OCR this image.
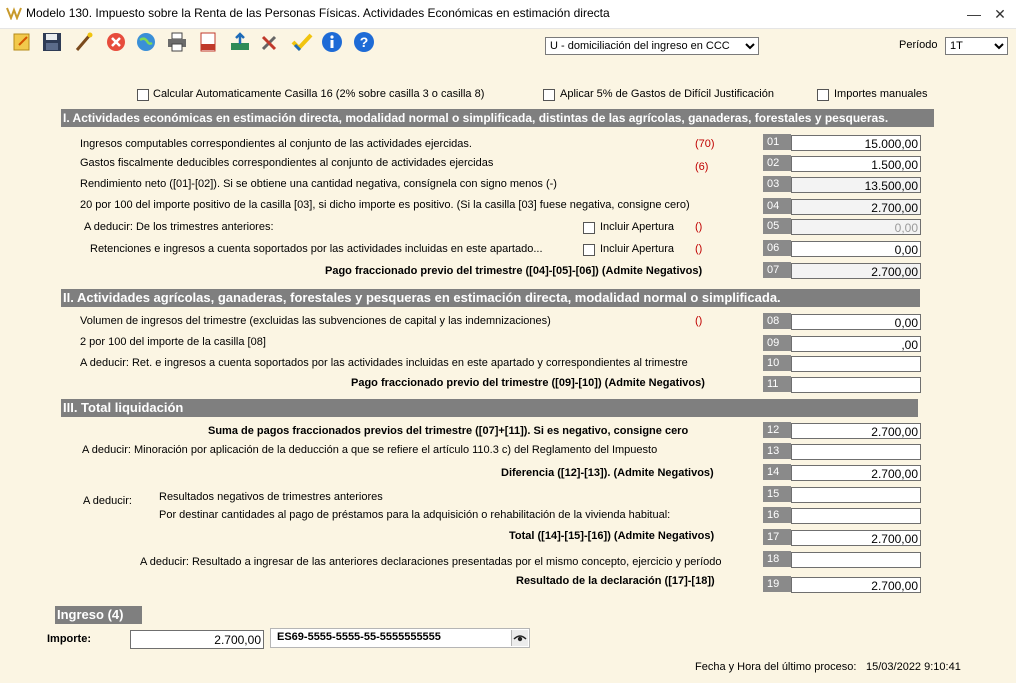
Modelo 130. Impuesto sobre la Renta de las Personas Físicas. Actividades Económicas en estimación directa	— ✕
?
U - domiciliación del ingreso en CCC	Período
1T
Calcular Automaticamente Casilla 16 (2% sobre casilla 3 o casilla 8)	Aplicar 5% de Gastos de Difícil Justificación	Importes manuales
I. Actividades económicas en estimación directa, modalidad normal o simplificada, distintas de las agrícolas, ganaderas, forestales y pesqueras.
Ingresos computables correspondientes al conjunto de las actividades ejercidas.	(70)	01	15.000,00
Gastos fiscalmente deducibles correspondientes al conjunto de actividades ejercidas	(6)	02	1.500,00
Rendimiento neto ([01]-[02]). Si se obtiene una cantidad negativa, consígnela con signo menos (-)	03	13.500,00
20 por 100 del importe positivo de la casilla [03], si dicho importe es positivo. (Si la casilla [03] fuese negativa, consigne cero)	04	2.700,00
A deducir: De los trimestres anteriores:	Incluir Apertura ()	05	0,00
Retenciones e ingresos a cuenta soportados por las actividades incluidas en este apartado...	Incluir Apertura ()	06	0,00
Pago fraccionado previo del trimestre ([04]-[05]-[06]) (Admite Negativos)	07	2.700,00
II. Actividades agrícolas, ganaderas, forestales y pesqueras en estimación directa, modalidad normal o simplificada.
Volumen de ingresos del trimestre (excluidas las subvenciones de capital y las indemnizaciones)	()	08	0,00
2 por 100 del importe de la casilla [08]	09	,00
A deducir: Ret. e ingresos a cuenta soportados por las actividades incluidas en este apartado y correspondientes al trimestre	10
Pago fraccionado previo del trimestre ([09]-[10]) (Admite Negativos)	11
III. Total liquidación
Suma de pagos fraccionados previos del trimestre ([07]+[11]). Si es negativo, consigne cero	12	2.700,00
A deducir: Minoración por aplicación de la deducción a que se refiere el artículo 110.3 c) del Reglamento del Impuesto	13
Diferencia ([12]-[13]). (Admite Negativos)	14	2.700,00
A deducir: Resultados negativos de trimestres anteriores	15
Por destinar cantidades al pago de préstamos para la adquisición o rehabilitación de la vivienda habitual:	16
Total ([14]-[15]-[16]) (Admite Negativos)	17	2.700,00
A deducir: Resultado a ingresar de las anteriores declaraciones presentadas por el mismo concepto, ejercicio y período	18
Resultado de la declaración ([17]-[18])	19	2.700,00
Ingreso (4)
Importe:	2.700,00 ES69-5555-5555-55-5555555555
Fecha y Hora del último proceso: 15/03/2022 9:10:41
